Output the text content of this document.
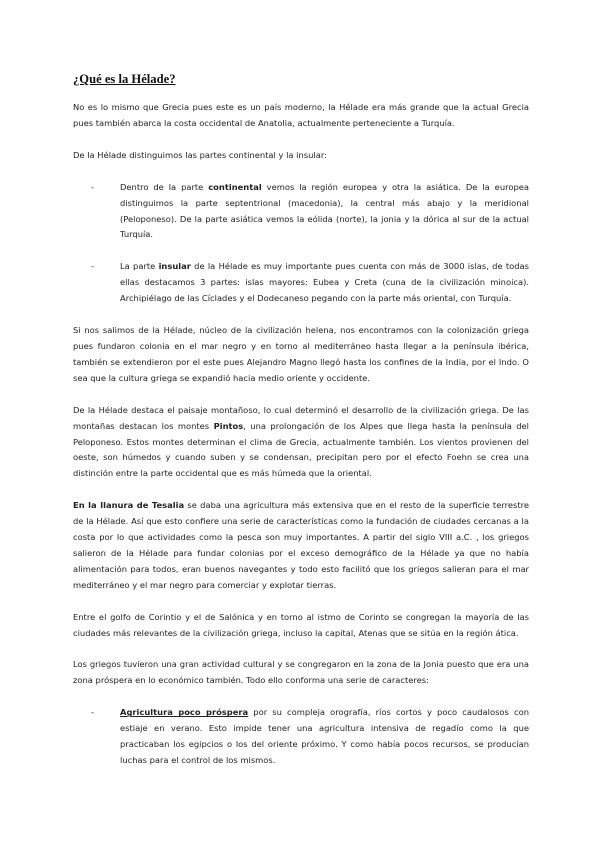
¿Qué es la Hélade?

No es lo mismo que Grecia pues este es un país moderno, la Hélade era más grande que la actual Grecia pues también abarca la costa occidental de Anatolia, actualmente perteneciente a Turquía.

De la Hélade distinguimos las partes continental y la insular:

-	Dentro de la parte continental vemos la región europea y otra la asiática. De la europea distinguimos la parte septentrional (macedonia), la central más abajo y la meridional (Peloponeso). De la parte asiática vemos la eólida (norte), la jonia y la dórica al sur de la actual Turquía.
-	La parte insular de la Hélade es muy importante pues cuenta con más de 3000 islas, de todas ellas destacamos 3 partes: islas mayores: Eubea y Creta (cuna de la civilización minoica). Archipiélago de las Cíclades y el Dodecaneso pegando con la parte más oriental, con Turquía.

Si nos salimos de la Hélade, núcleo de la civilización helena, nos encontramos con la colonización griega pues fundaron colonia en el mar negro y en torno al mediterráneo hasta llegar a la península ibérica, también se extendieron por el este pues Alejandro Magno llegó hasta los confines de la India, por el Indo. O sea que la cultura griega se expandió hacia medio oriente y occidente.

De la Hélade destaca el paisaje montañoso, lo cual determinó el desarrollo de la civilización griega. De las montañas destacan los montes Pintos, una prolongación de los Alpes que llega hasta la península del Peloponeso. Estos montes determinan el clima de Grecia, actualmente también. Los vientos provienen del oeste, son húmedos y cuando suben y se condensan, precipitan pero por el efecto Foehn se crea una distinción entre la parte occidental que es más húmeda que la oriental.

En la llanura de Tesalia se daba una agricultura más extensiva que en el resto de la superficie terrestre de la Hélade. Así que esto confiere una serie de características como la fundación de ciudades cercanas a la costa por lo que actividades como la pesca son muy importantes. A partir del siglo VIII a.C. , los griegos salieron de la Hélade para fundar colonias por el exceso demográfico de la Hélade ya que no había alimentación para todos, eran buenos navegantes y todo esto facilitó que los griegos salieran para el mar mediterráneo y el mar negro para comerciar y explotar tierras.

Entre el golfo de Corintio y el de Salónica y en torno al istmo de Corinto se congregan la mayoría de las ciudades más relevantes de la civilización griega, incluso la capital, Atenas que se sitúa en la región ática.

Los griegos tuvieron una gran actividad cultural y se congregaron en la zona de la Jonia puesto que era una zona próspera en lo económico también. Todo ello conforma una serie de caracteres:

-	Agricultura poco próspera por su compleja orografía, ríos cortos y poco caudalosos con estiaje en verano. Esto impide tener una agricultura intensiva de regadío como la que practicaban los egipcios o los del oriente próximo. Y como había pocos recursos, se producían luchas para el control de los mismos.
